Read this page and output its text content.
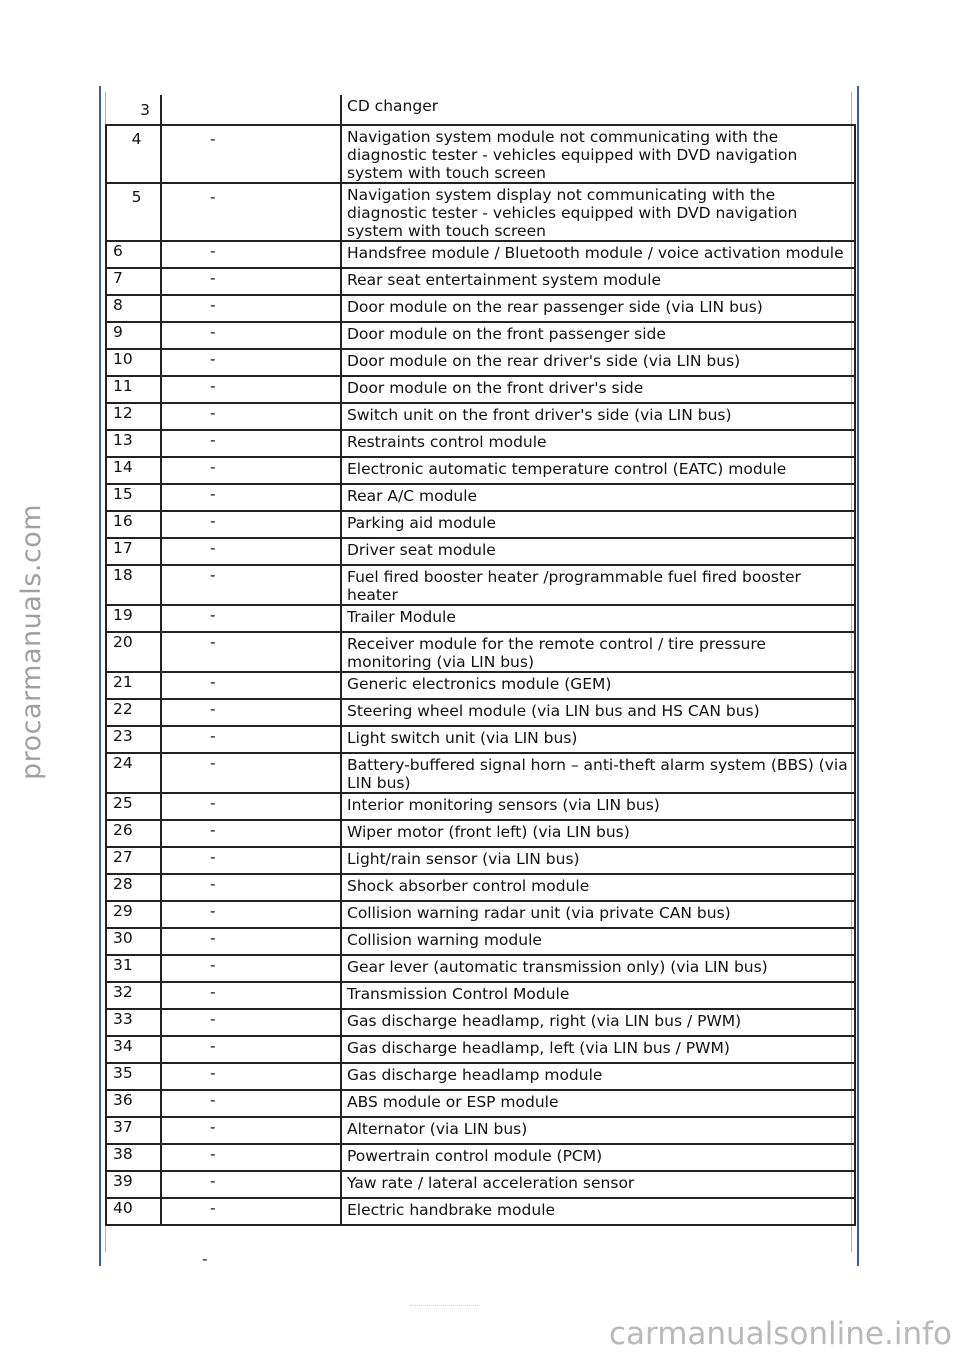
3		CD changer
4	-	Navigation system module not communicating with the diagnostic tester - vehicles equipped with DVD navigation system with touch screen
5	-	Navigation system display not communicating with the diagnostic tester - vehicles equipped with DVD navigation system with touch screen
6	-	Handsfree module / Bluetooth module / voice activation module
7	-	Rear seat entertainment system module
8	-	Door module on the rear passenger side (via LIN bus)
9	-	Door module on the front passenger side
10	-	Door module on the rear driver's side (via LIN bus)
11	-	Door module on the front driver's side
12	-	Switch unit on the front driver's side (via LIN bus)
13	-	Restraints control module
14	-	Electronic automatic temperature control (EATC) module
15	-	Rear A/C module
16	-	Parking aid module
17	-	Driver seat module
18	-	Fuel fired booster heater /programmable fuel fired booster heater
19	-	Trailer Module
20	-	Receiver module for the remote control / tire pressure monitoring (via LIN bus)
21	-	Generic electronics module (GEM)
22	-	Steering wheel module (via LIN bus and HS CAN bus)
23	-	Light switch unit (via LIN bus)
24	-	Battery-buffered signal horn – anti-theft alarm system (BBS) (via LIN bus)
25	-	Interior monitoring sensors (via LIN bus)
26	-	Wiper motor (front left) (via LIN bus)
27	-	Light/rain sensor (via LIN bus)
28	-	Shock absorber control module
29	-	Collision warning radar unit (via private CAN bus)
30	-	Collision warning module
31	-	Gear lever (automatic transmission only) (via LIN bus)
32	-	Transmission Control Module
33	-	Gas discharge headlamp, right (via LIN bus / PWM)
34	-	Gas discharge headlamp, left (via LIN bus / PWM)
35	-	Gas discharge headlamp module
36	-	ABS module or ESP module
37	-	Alternator (via LIN bus)
38	-	Powertrain control module (PCM)
39	-	Yaw rate / lateral acceleration sensor
40	-	Electric handbrake module
-
procarmanuals.com
carmanualsonline.info
